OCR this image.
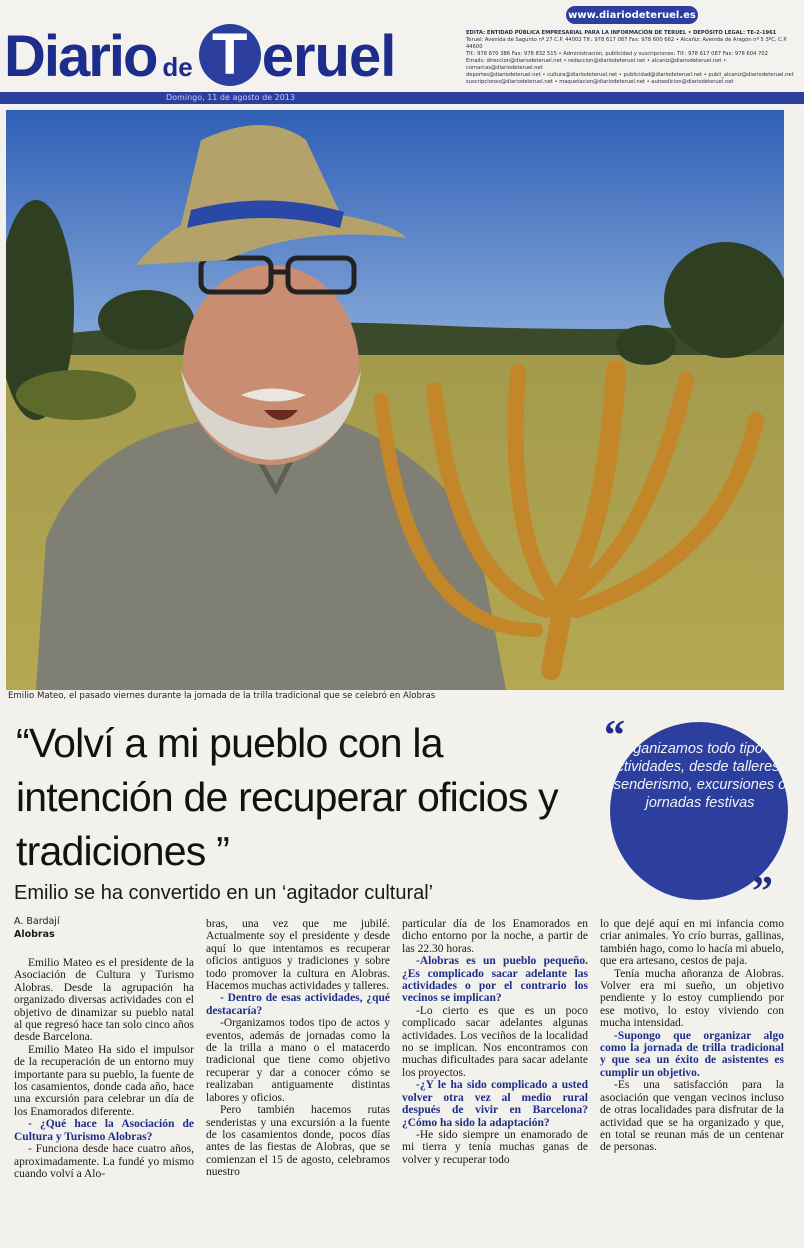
Diario de T eruel
www.diariodeteruel.es
EDITA: ENTIDAD PÚBLICA EMPRESARIAL PARA LA INFORMACIÓN DE TERUEL • DEPÓSITO LEGAL: TE-2-1961
Teruel: Avenida de Sagunto nº 27 C.P. 44002 Tlf.: 978 617 087 Fax: 978 600 662 • Alcañiz: Avenida de Aragón nº 5 3ºC, C.P. 44600
Tlf.: 978 870 386 Fax: 978 832 515 • Administración, publicidad y suscripciones: Tlf.: 978 617 087 Fax: 978 604 702
Emails: direccion@diariodeteruel.net • redaccion@diariodeteruel.net • alcaniz@diariodeteruel.net • comarcas@diariodeteruel.net
deportes@diariodeteruel.net • cultura@diariodeteruel.net • publicidad@diariodeteruel.net • publi_alcaniz@diariodeteruel.net
suscripciones@diariodeteruel.net • maquetacion@diariodeteruel.net • autoedicion@diariodeteruel.net
Domingo, 11 de agosto de 2013
Emilio Mateo, el pasado viernes durante la jornada de la trilla tradicional que se celebró en Alobras
“Volví a mi pueblo con la intención de recuperar oficios y tradiciones ”
Emilio se ha convertido en un ‘agitador cultural’
“
Organizamos todo tipo de actividades, desde talleres a senderismo, excursiones o jornadas festivas
”
A. Bardají
Alobras

Emilio Mateo es el presidente de la Asociación de Cultura y Turismo Alobras. Desde la agrupación ha organizado diversas actividades con el objetivo de dinamizar su pueblo natal al que regresó hace tan solo cinco años desde Barcelona.

Emilio Mateo Ha sido el impulsor de la recuperación de un entorno muy importante para su pueblo, la fuente de los casamientos, donde cada año, hace una excursión para celebrar un día de los Enamorados diferente.

- ¿Qué hace la Asociación de Cultura y Turismo Alobras?

- Funciona desde hace cuatro años, aproximadamente. La fundé yo mismo cuando volví a Alo-

bras, una vez que me jubilé. Actualmente soy el presidente y desde aquí lo que intentamos es recuperar oficios antiguos y tradiciones y sobre todo promover la cultura en Alobras. Hacemos muchas actividades y talleres.

- Dentro de esas actividades, ¿qué destacaría?

-Organizamos todos tipo de actos y eventos, además de jornadas como la de la trilla a mano o el matacerdo tradicional que tiene como objetivo recuperar y dar a conocer cómo se realizaban antiguamente distintas labores y oficios.

Pero también hacemos rutas senderistas y una excursión a la fuente de los casamientos donde, pocos días antes de las fiestas de Alobras, que se comienzan el 15 de agosto, celebramos nuestro

particular día de los Enamorados en dicho entorno por la noche, a partir de las 22.30 horas.

-Alobras es un pueblo pequeño. ¿Es complicado sacar adelante las actividades o por el contrario los vecinos se implican?

-Lo cierto es que es un poco complicado sacar adelantes algunas actividades. Los veciños de la localidad no se implican. Nos encontramos con muchas dificultades para sacar adelante los proyectos.

-¿Y le ha sido complicado a usted volver otra vez al medio rural después de vivir en Barcelona? ¿Cómo ha sido la adaptación?

-He sido siempre un enamorado de mi tierra y tenía muchas ganas de volver y recuperar todo

lo que dejé aquí en mi infancia como criar animales. Yo crío burras, gallinas, también hago, como lo hacía mi abuelo, que era artesano, cestos de paja.

Tenía mucha añoranza de Alobras. Volver era mi sueño, un objetivo pendiente y lo estoy cumpliendo por ese motivo, lo estoy viviendo con mucha intensidad.

-Supongo que organizar algo como la jornada de trilla tradicional y que sea un éxito de asistentes es cumplir un objetivo.

-Es una satisfacción para la asociación que vengan vecinos incluso de otras localidades para disfrutar de la actividad que se ha organizado y que, en total se reunan más de un centenar de personas.
